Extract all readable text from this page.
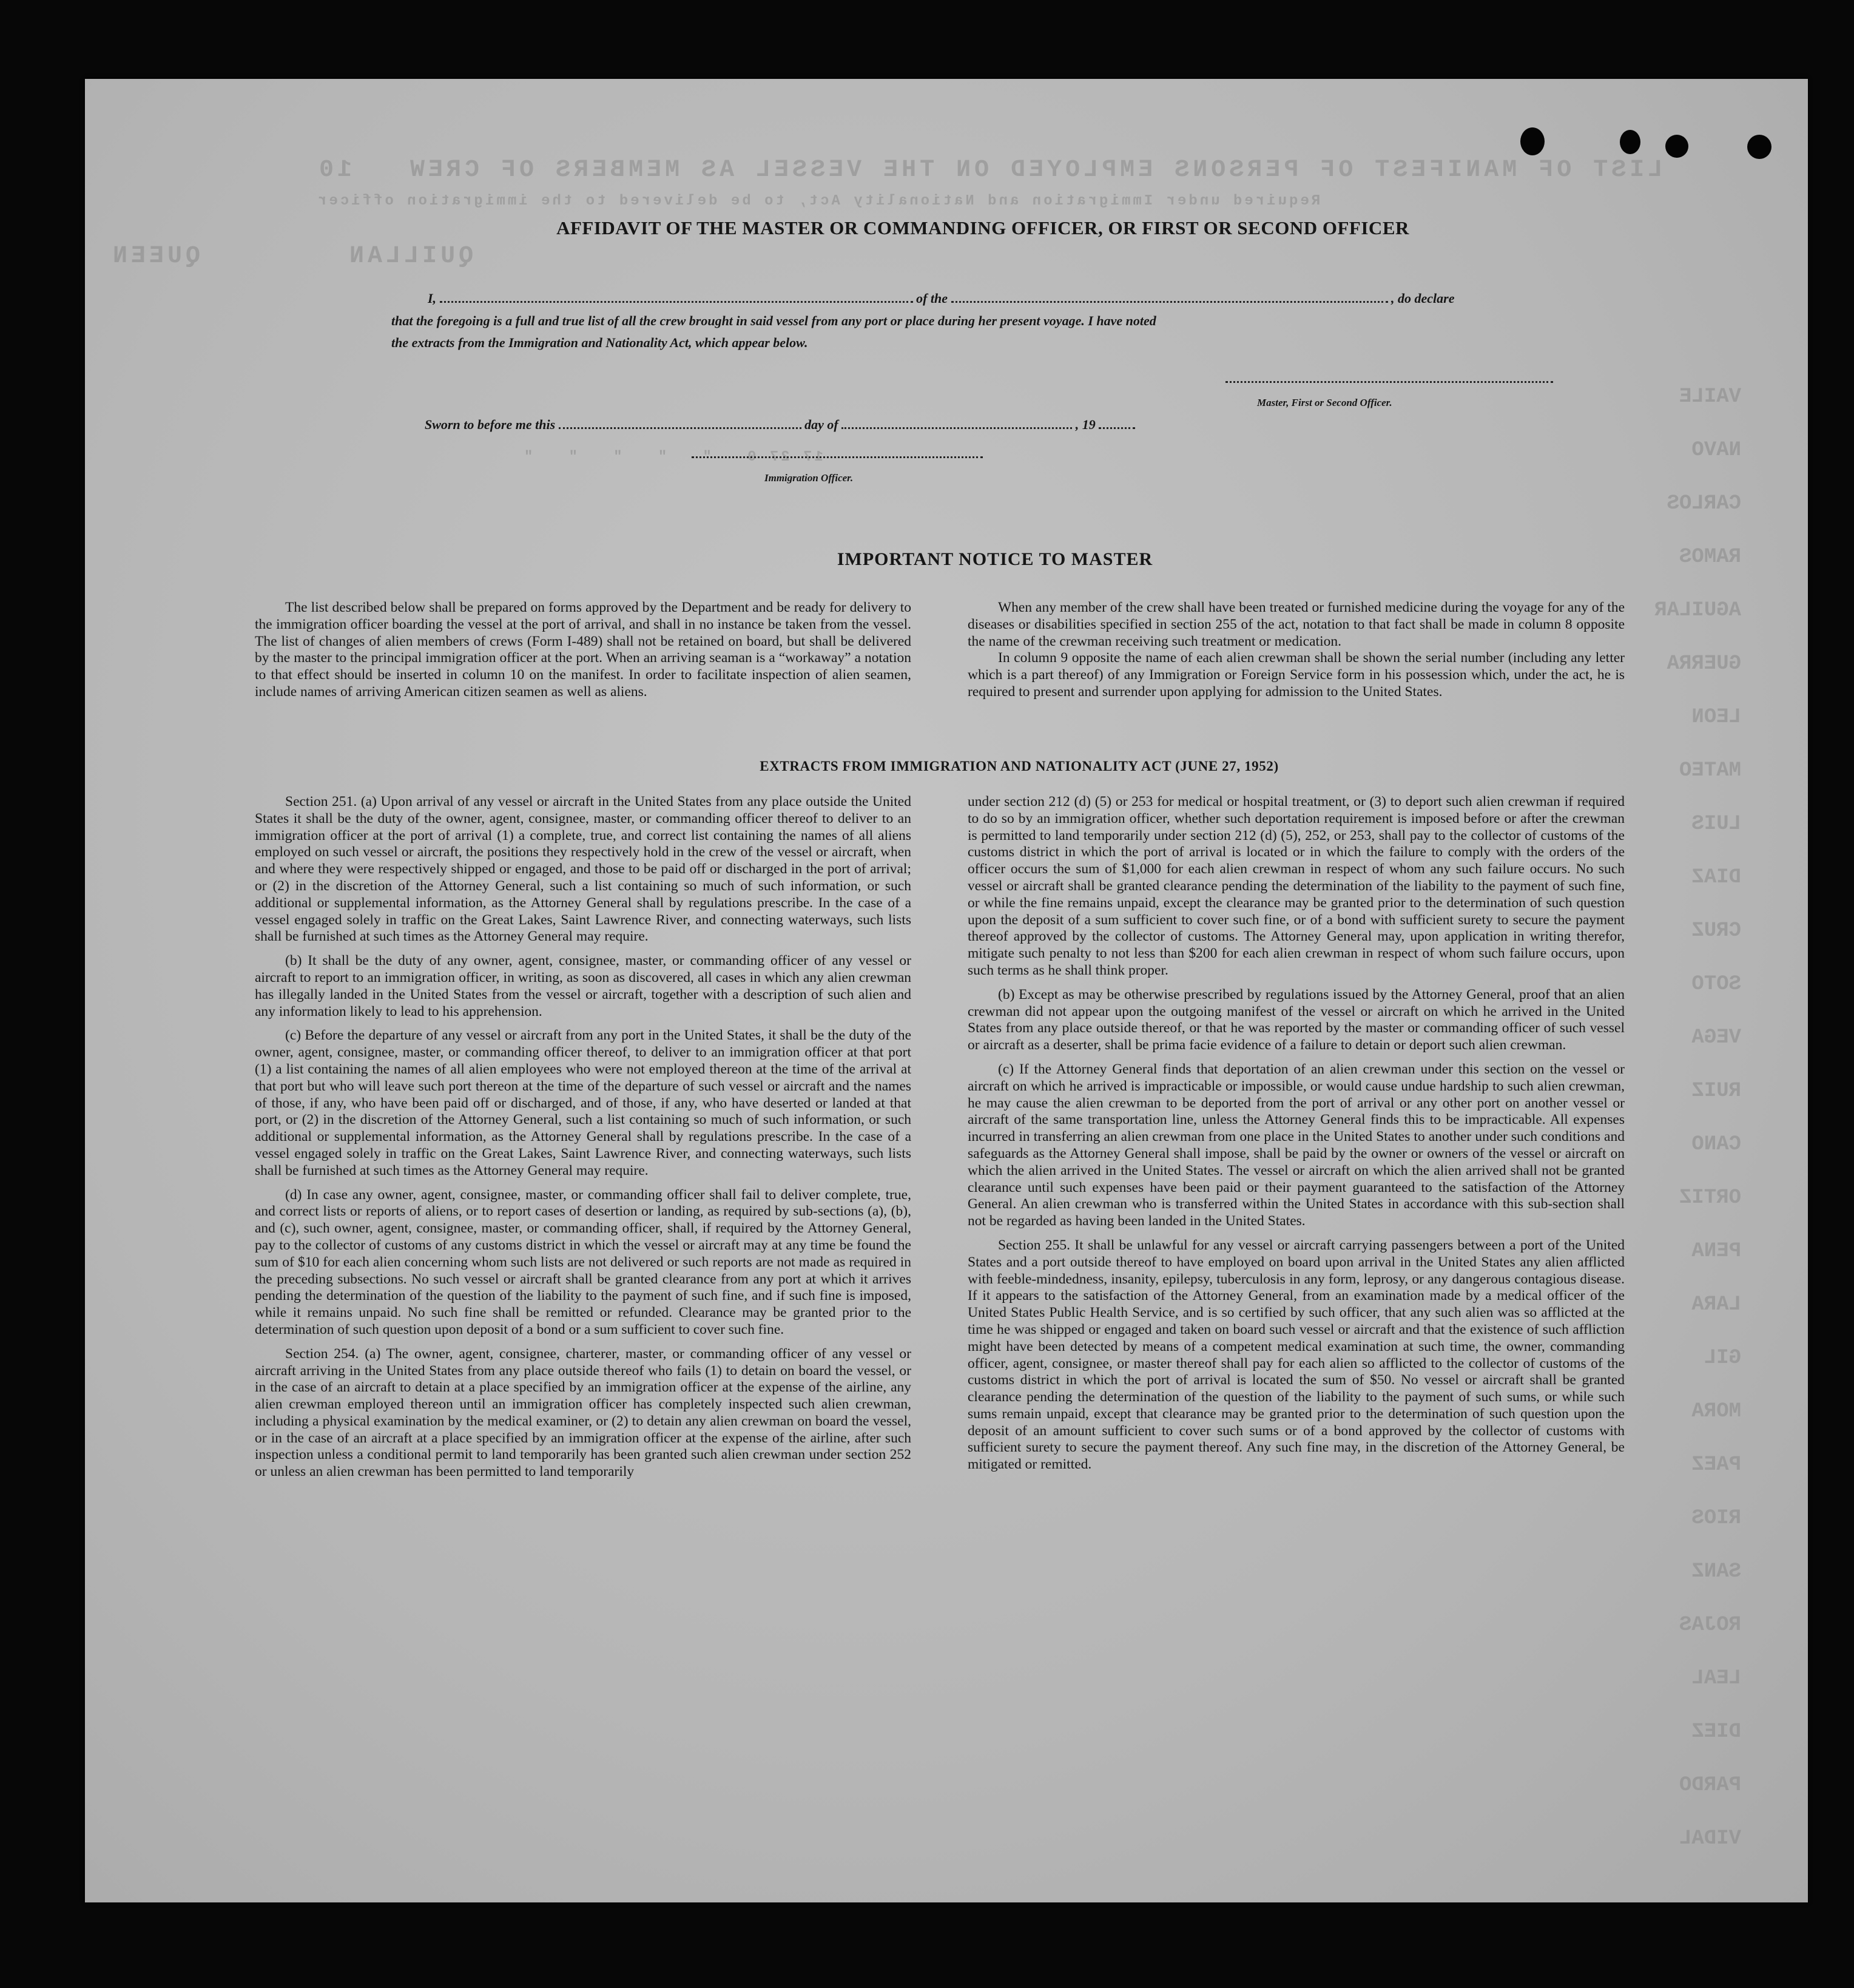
LIST OF MANIFEST OF PERSONS EMPLOYED ON THE VESSEL AS MEMBERS OF CREW   10
Required under Immigration and Nationality Act, to be delivered to the immigration officer
QUILLAN        QUEEN
17 27 0   "   "   "   "   "
VAILE
NAVO
CARLOS
RAMOS
AGUILAR
GUERRA
LEON
MATEO
LUIS
DIAZ
CRUZ
SOTO
VEGA
RUIZ
CANO
ORTIZ
PENA
LARA
GIL
MORA
PAEZ
RIOS
SANZ
ROJAS
LEAL
DIEZ
PARDO
VIDAL
AFFIDAVIT OF THE MASTER OR COMMANDING OFFICER, OR FIRST OR SECOND OFFICER
I,	of the	, do declare
that the foregoing is a full and true list of all the crew brought in said vessel from any port or place during her present voyage. I have noted
the extracts from the Immigration and Nationality Act, which appear below.
Master, First or Second Officer.
Sworn to before me this	day of	, 19
Immigration Officer.
IMPORTANT NOTICE TO MASTER

The list described below shall be prepared on forms approved by the Department and be ready for delivery to the immigration officer boarding the vessel at the port of arrival, and shall in no instance be taken from the vessel. The list of changes of alien members of crews (Form I-489) shall not be retained on board, but shall be delivered by the master to the principal immigration officer at the port. When an arriving seaman is a “workaway” a notation to that effect should be inserted in column 10 on the manifest. In order to facilitate inspection of alien seamen, include names of arriving American citizen seamen as well as aliens.

When any member of the crew shall have been treated or furnished medicine during the voyage for any of the diseases or disabilities specified in section 255 of the act, notation to that fact shall be made in column 8 opposite the name of the crewman receiving such treatment or medication.

In column 9 opposite the name of each alien crewman shall be shown the serial number (including any letter which is a part thereof) of any Immigration or Foreign Service form in his possession which, under the act, he is required to present and surrender upon applying for admission to the United States.

EXTRACTS FROM IMMIGRATION AND NATIONALITY ACT (JUNE 27, 1952)

Section 251. (a) Upon arrival of any vessel or aircraft in the United States from any place outside the United States it shall be the duty of the owner, agent, consignee, master, or commanding officer thereof to deliver to an immigration officer at the port of arrival (1) a complete, true, and correct list containing the names of all aliens employed on such vessel or aircraft, the positions they respectively hold in the crew of the vessel or aircraft, when and where they were respectively shipped or engaged, and those to be paid off or discharged in the port of arrival; or (2) in the discretion of the Attorney General, such a list containing so much of such information, or such additional or supplemental information, as the Attorney General shall by regulations prescribe. In the case of a vessel engaged solely in traffic on the Great Lakes, Saint Lawrence River, and connecting waterways, such lists shall be furnished at such times as the Attorney General may require.

(b) It shall be the duty of any owner, agent, consignee, master, or commanding officer of any vessel or aircraft to report to an immigration officer, in writing, as soon as discovered, all cases in which any alien crewman has illegally landed in the United States from the vessel or aircraft, together with a description of such alien and any information likely to lead to his apprehension.

(c) Before the departure of any vessel or aircraft from any port in the United States, it shall be the duty of the owner, agent, consignee, master, or commanding officer thereof, to deliver to an immigration officer at that port (1) a list containing the names of all alien employees who were not employed thereon at the time of the arrival at that port but who will leave such port thereon at the time of the departure of such vessel or aircraft and the names of those, if any, who have been paid off or discharged, and of those, if any, who have deserted or landed at that port, or (2) in the discretion of the Attorney General, such a list containing so much of such information, or such additional or supplemental information, as the Attorney General shall by regulations prescribe. In the case of a vessel engaged solely in traffic on the Great Lakes, Saint Lawrence River, and connecting waterways, such lists shall be furnished at such times as the Attorney General may require.

(d) In case any owner, agent, consignee, master, or commanding officer shall fail to deliver complete, true, and correct lists or reports of aliens, or to report cases of desertion or landing, as required by sub-sections (a), (b), and (c), such owner, agent, consignee, master, or commanding officer, shall, if required by the Attorney General, pay to the collector of customs of any customs district in which the vessel or aircraft may at any time be found the sum of $10 for each alien concerning whom such lists are not delivered or such reports are not made as required in the preceding subsections. No such vessel or aircraft shall be granted clearance from any port at which it arrives pending the determination of the question of the liability to the payment of such fine, and if such fine is imposed, while it remains unpaid. No such fine shall be remitted or refunded. Clearance may be granted prior to the determination of such question upon deposit of a bond or a sum sufficient to cover such fine.

Section 254. (a) The owner, agent, consignee, charterer, master, or commanding officer of any vessel or aircraft arriving in the United States from any place outside thereof who fails (1) to detain on board the vessel, or in the case of an aircraft to detain at a place specified by an immigration officer at the expense of the airline, any alien crewman employed thereon until an immigration officer has completely inspected such alien crewman, including a physical examination by the medical examiner, or (2) to detain any alien crewman on board the vessel, or in the case of an aircraft at a place specified by an immigration officer at the expense of the airline, after such inspection unless a conditional permit to land temporarily has been granted such alien crewman under section 252 or unless an alien crewman has been permitted to land temporarily

under section 212 (d) (5) or 253 for medical or hospital treatment, or (3) to deport such alien crewman if required to do so by an immigration officer, whether such deportation requirement is imposed before or after the crewman is permitted to land temporarily under section 212 (d) (5), 252, or 253, shall pay to the collector of customs of the customs district in which the port of arrival is located or in which the failure to comply with the orders of the officer occurs the sum of $1,000 for each alien crewman in respect of whom any such failure occurs. No such vessel or aircraft shall be granted clearance pending the determination of the liability to the payment of such fine, or while the fine remains unpaid, except the clearance may be granted prior to the determination of such question upon the deposit of a sum sufficient to cover such fine, or of a bond with sufficient surety to secure the payment thereof approved by the collector of customs. The Attorney General may, upon application in writing therefor, mitigate such penalty to not less than $200 for each alien crewman in respect of whom such failure occurs, upon such terms as he shall think proper.

(b) Except as may be otherwise prescribed by regulations issued by the Attorney General, proof that an alien crewman did not appear upon the outgoing manifest of the vessel or aircraft on which he arrived in the United States from any place outside thereof, or that he was reported by the master or commanding officer of such vessel or aircraft as a deserter, shall be prima facie evidence of a failure to detain or deport such alien crewman.

(c) If the Attorney General finds that deportation of an alien crewman under this section on the vessel or aircraft on which he arrived is impracticable or impossible, or would cause undue hardship to such alien crewman, he may cause the alien crewman to be deported from the port of arrival or any other port on another vessel or aircraft of the same transportation line, unless the Attorney General finds this to be impracticable. All expenses incurred in transferring an alien crewman from one place in the United States to another under such conditions and safeguards as the Attorney General shall impose, shall be paid by the owner or owners of the vessel or aircraft on which the alien arrived in the United States. The vessel or aircraft on which the alien arrived shall not be granted clearance until such expenses have been paid or their payment guaranteed to the satisfaction of the Attorney General. An alien crewman who is transferred within the United States in accordance with this sub-section shall not be regarded as having been landed in the United States.

Section 255. It shall be unlawful for any vessel or aircraft carrying passengers between a port of the United States and a port outside thereof to have employed on board upon arrival in the United States any alien afflicted with feeble-mindedness, insanity, epilepsy, tuberculosis in any form, leprosy, or any dangerous contagious disease. If it appears to the satisfaction of the Attorney General, from an examination made by a medical officer of the United States Public Health Service, and is so certified by such officer, that any such alien was so afflicted at the time he was shipped or engaged and taken on board such vessel or aircraft and that the existence of such affliction might have been detected by means of a competent medical examination at such time, the owner, commanding officer, agent, consignee, or master thereof shall pay for each alien so afflicted to the collector of customs of the customs district in which the port of arrival is located the sum of $50. No vessel or aircraft shall be granted clearance pending the determination of the question of the liability to the payment of such sums, or while such sums remain unpaid, except that clearance may be granted prior to the determination of such question upon the deposit of an amount sufficient to cover such sums or of a bond approved by the collector of customs with sufficient surety to secure the payment thereof. Any such fine may, in the discretion of the Attorney General, be mitigated or remitted.
